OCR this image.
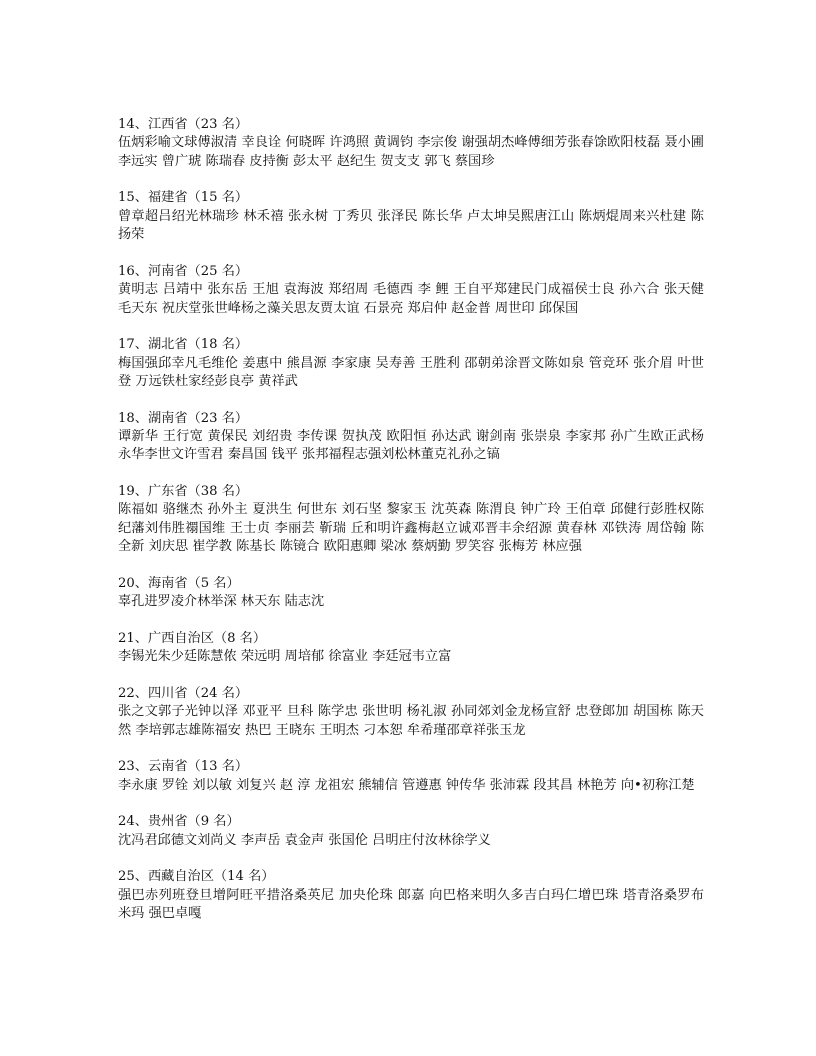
14、江西省（23 名）
伍炳彩喻文球傅淑清 幸良诠 何晓晖 许鸿照 黄调钧 李宗俊 谢强胡杰峰傅细芳张春馀欧阳枝磊 聂小圃 李远实 曾广琥 陈瑞春 皮持衡 彭太平 赵纪生 贺支支 郭飞 蔡国珍
15、福建省（15 名）
曾章超吕绍光林瑞珍 林禾禧 张永树 丁秀贝 张泽民 陈长华 卢太坤吴熙唐江山 陈炳焜周来兴杜建 陈扬荣
16、河南省（25 名）
黄明志 吕靖中 张东岳 王旭 袁海波 郑绍周 毛德西 李 鲤 王自平郑建民门成福侯士良 孙六合 张天健 毛天东 祝庆堂张世峰杨之藻关思友贾太谊 石景亮 郑启仲 赵金普 周世印 邱保国
17、湖北省（18 名）
梅国强邱幸凡毛维伦 姜惠中 熊昌源 李家康 吴寿善 王胜利 邵朝弟涂晋文陈如泉 管竞环 张介眉 叶世登 万远铁杜家经彭良亭 黄祥武
18、湖南省（23 名）
谭新华 王行宽 黄保民 刘绍贵 李传课 贺执茂 欧阳恒 孙达武 谢剑南 张崇泉 李家邦 孙广生欧正武杨永华李世文许雪君 秦昌国 钱平 张邦福程志强刘松林董克礼孙之镐
19、广东省（38 名）
陈福如 骆继杰 孙外主 夏洪生 何世东 刘石坚 黎家玉 沈英森 陈渭良 钟广玲 王伯章 邱健行彭胜权陈纪藩刘伟胜禤国维 王士贞 李丽芸 靳瑞 丘和明许鑫梅赵立诚邓晋丰余绍源 黄春林 邓铁涛 周岱翰 陈全新 刘庆思 崔学教 陈基长 陈镜合 欧阳惠卿 梁冰 蔡炳勤 罗笑容 张梅芳 林应强
20、海南省（5 名）
辜孔进罗凌介林举深 林天东 陆志沈
21、广西自治区（8 名）
李锡光朱少廷陈慧侬 荣远明 周培郁 徐富业 李廷冠韦立富
22、四川省（24 名）
张之文郭子光钟以泽 邓亚平 旦科 陈学忠 张世明 杨礼淑 孙同郊刘金龙杨宣舒 忠登郎加 胡国栋 陈天然 李培郭志雄陈福安 热巴 王晓东 王明杰 刁本恕 牟希瑾邵章祥张玉龙
23、云南省（13 名）
李永康 罗铨 刘以敏 刘复兴 赵 淳 龙祖宏 熊辅信 管遵惠 钟传华 张沛霖 段其昌 林艳芳 向•初称江楚
24、贵州省（9 名）
沈冯君邱德文刘尚义 李声岳 袁金声 张国伦 吕明庄付汝林徐学义
25、西藏自治区（14 名）
强巴赤列班登旦增阿旺平措洛桑英尼 加央伦珠 郎嘉 向巴格来明久多吉白玛仁增巴珠 塔青洛桑罗布 米玛 强巴卓嘎
